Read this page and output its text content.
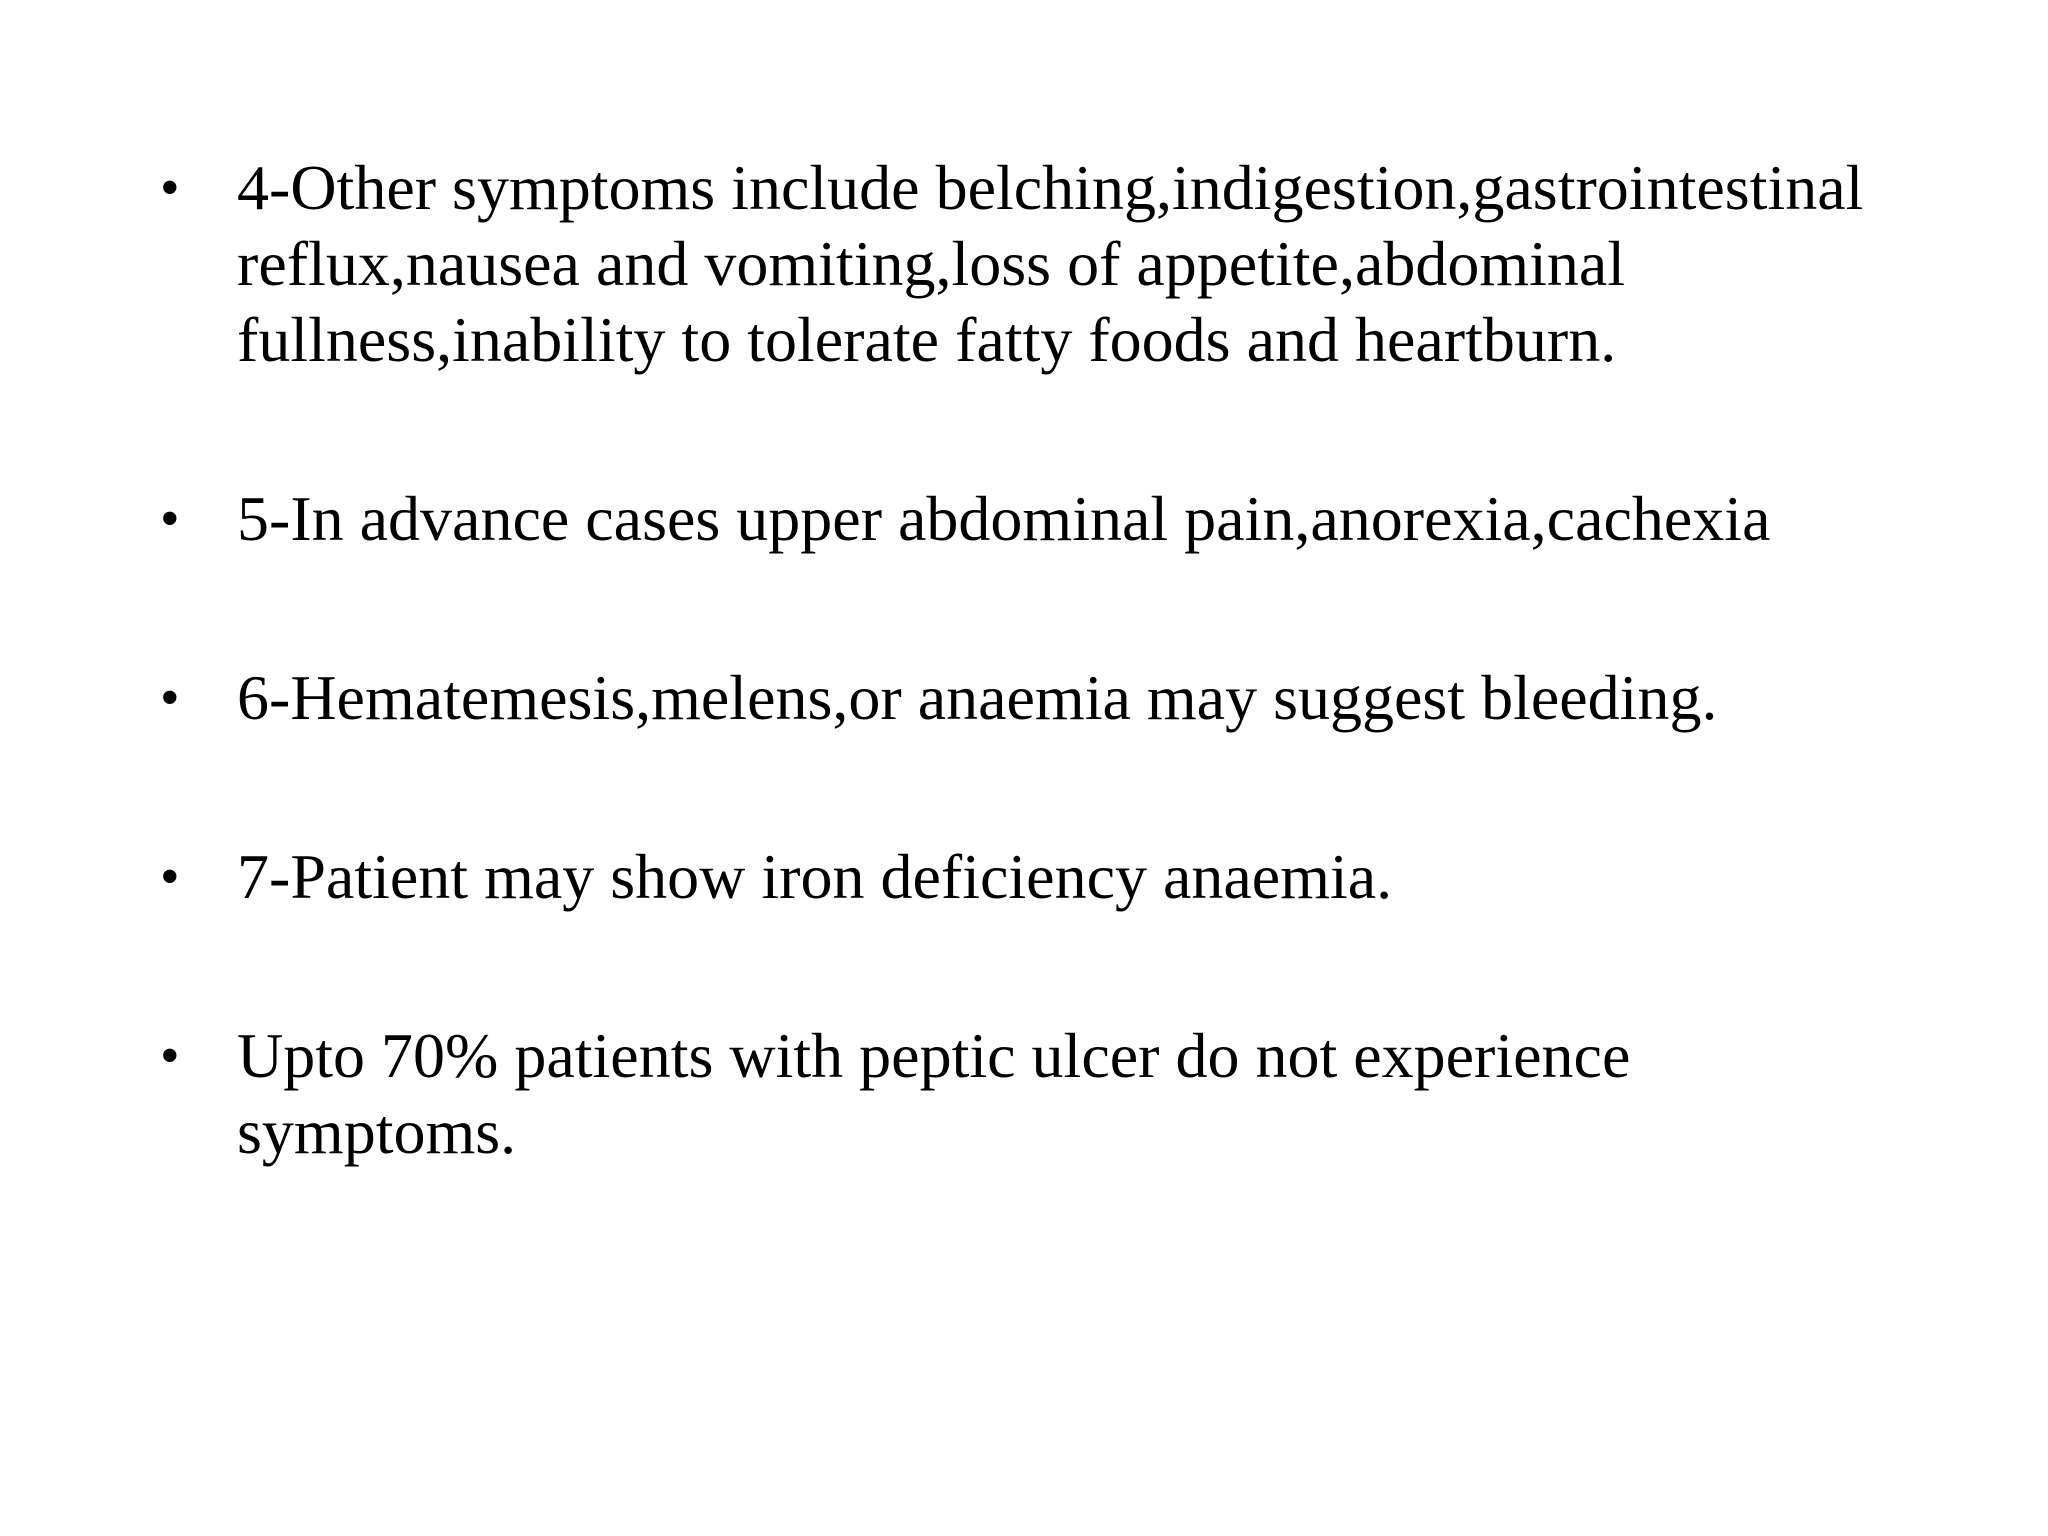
• 4-Other symptoms include belching,indigestion,gastrointestinal
reflux,nausea and vomiting,loss of appetite,abdominal
fullness,inability to tolerate fatty foods and heartburn.
• 5-In advance cases upper abdominal pain,anorexia,cachexia
• 6-Hematemesis,melens,or anaemia may suggest bleeding.
• 7-Patient may show iron deficiency anaemia.
• Upto 70% patients with peptic ulcer do not experience symptoms.
